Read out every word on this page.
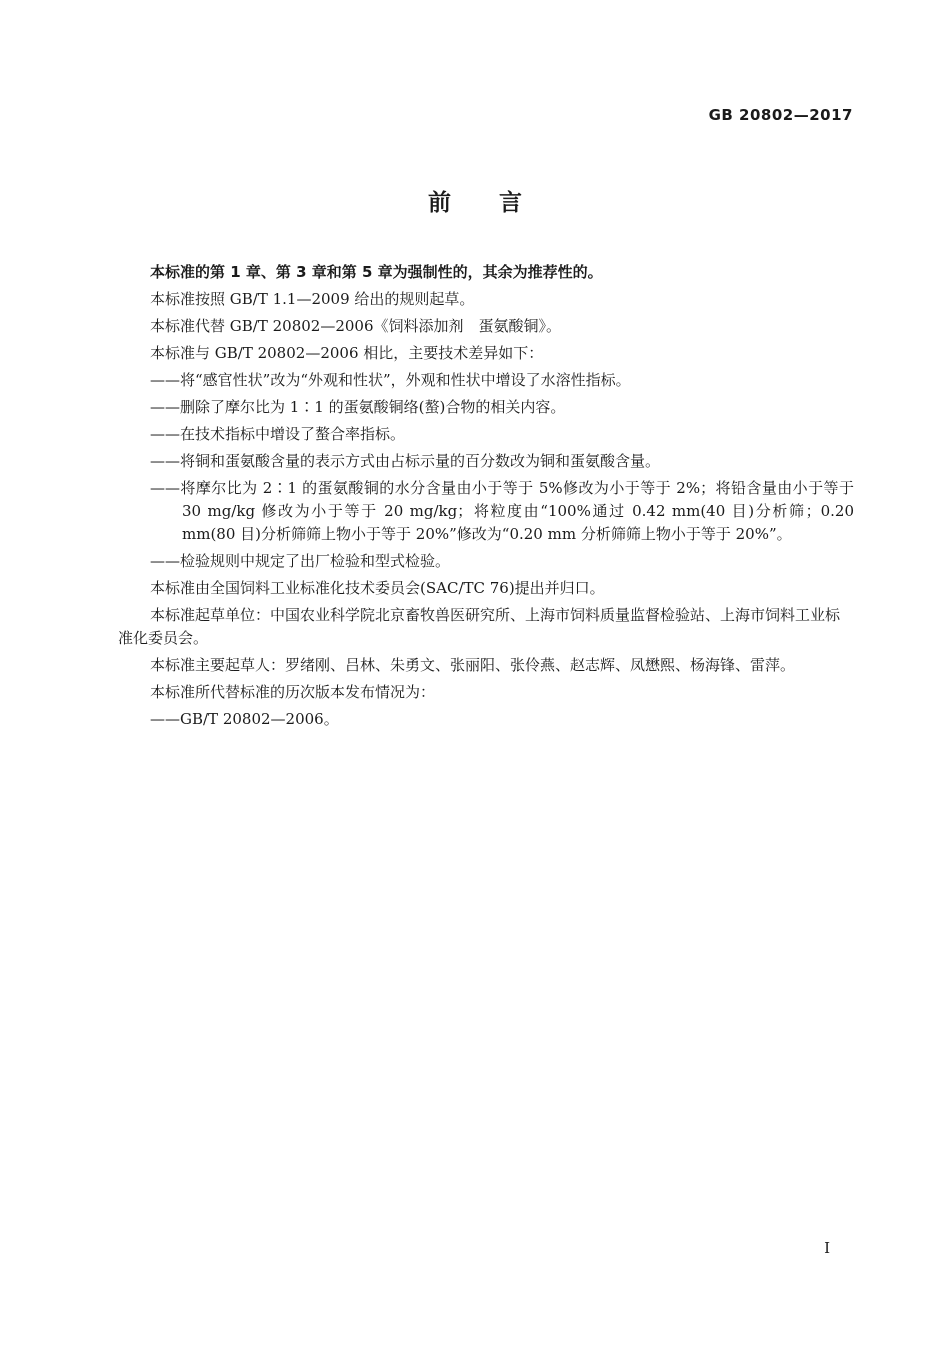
GB 20802—2017
前言
本标准的第 1 章、第 3 章和第 5 章为强制性的，其余为推荐性的。
本标准按照 GB/T 1.1—2009 给出的规则起草。
本标准代替 GB/T 20802—2006《饲料添加剂　蛋氨酸铜》。
本标准与 GB/T 20802—2006 相比，主要技术差异如下：
——将“感官性状”改为“外观和性状”，外观和性状中增设了水溶性指标。
——删除了摩尔比为 1∶1 的蛋氨酸铜络(螯)合物的相关内容。
——在技术指标中增设了螯合率指标。
——将铜和蛋氨酸含量的表示方式由占标示量的百分数改为铜和蛋氨酸含量。
——将摩尔比为 2∶1 的蛋氨酸铜的水分含量由小于等于 5%修改为小于等于 2%；将铅含量由小于等于 30 mg/kg 修改为小于等于 20 mg/kg；将粒度由“100%通过 0.42 mm(40 目)分析筛；0.20 mm(80 目)分析筛筛上物小于等于 20%”修改为“0.20 mm 分析筛筛上物小于等于 20%”。
——检验规则中规定了出厂检验和型式检验。
本标准由全国饲料工业标准化技术委员会(SAC/TC 76)提出并归口。
本标准起草单位：中国农业科学院北京畜牧兽医研究所、上海市饲料质量监督检验站、上海市饲料工业标准化委员会。
本标准主要起草人：罗绪刚、吕林、朱勇文、张丽阳、张伶燕、赵志辉、凤懋熙、杨海锋、雷萍。
本标准所代替标准的历次版本发布情况为：
——GB/T 20802—2006。
I
